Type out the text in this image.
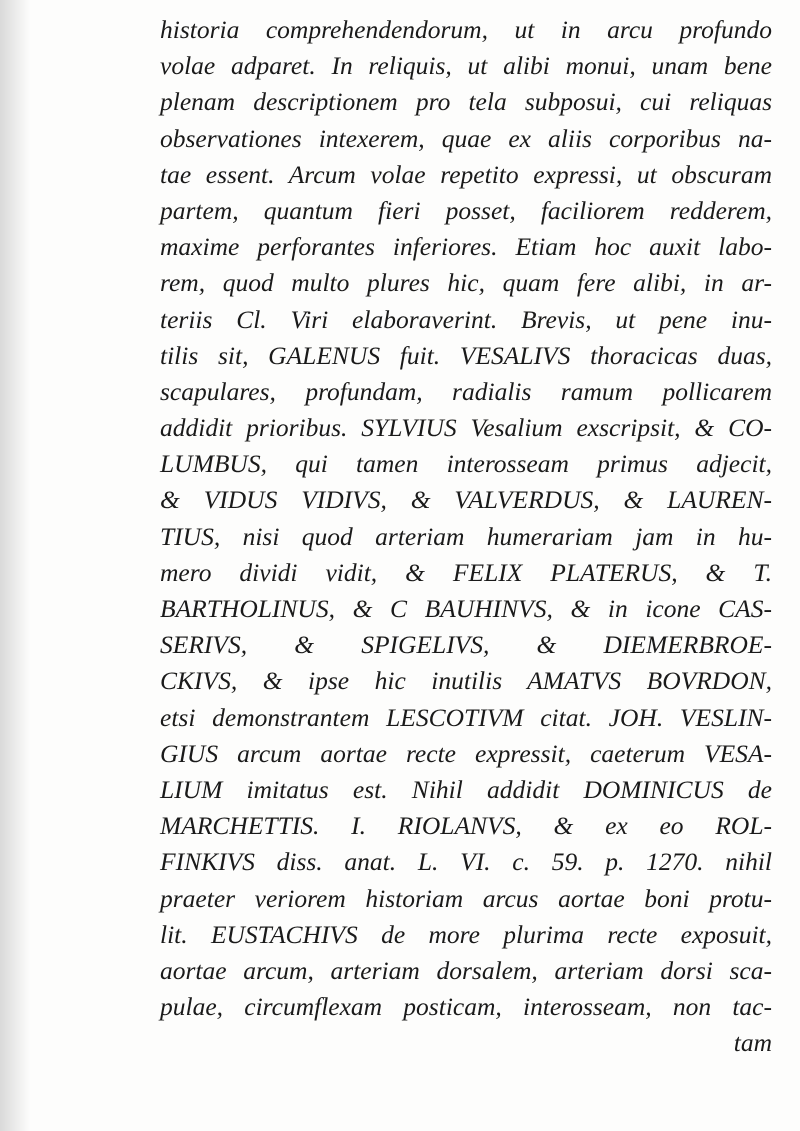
historia comprehendendorum, ut in arcu profundo
volae adparet. In reliquis, ut alibi monui, unam bene
plenam descriptionem pro tela subposui, cui reliquas
observationes intexerem, quae ex aliis corporibus na-
tae essent. Arcum volae repetito expressi, ut obscuram
partem, quantum fieri posset, faciliorem redderem,
maxime perforantes inferiores. Etiam hoc auxit labo-
rem, quod multo plures hic, quam fere alibi, in ar-
teriis Cl. Viri elaboraverint. Brevis, ut pene inu-
tilis sit, GALENUS fuit. VESALIVS thoracicas duas,
scapulares, profundam, radialis ramum pollicarem
addidit prioribus. SYLVIUS Vesalium exscripsit, & CO-
LUMBUS, qui tamen interosseam primus adjecit,
& VIDUS VIDIVS, & VALVERDUS, & LAUREN-
TIUS, nisi quod arteriam humerariam jam in hu-
mero dividi vidit, & FELIX PLATERUS, & T.
BARTHOLINUS, & C BAUHINVS, & in icone CAS-
SERIVS, & SPIGELIVS, & DIEMERBROE-
CKIVS, & ipse hic inutilis AMATVS BOVRDON,
etsi demonstrantem LESCOTIVM citat. JOH. VESLIN-
GIUS arcum aortae recte expressit, caeterum VESA-
LIUM imitatus est. Nihil addidit DOMINICUS de
MARCHETTIS. I. RIOLANVS, & ex eo ROL-
FINKIVS diss. anat. L. VI. c. 59. p. 1270. nihil
praeter veriorem historiam arcus aortae boni protu-
lit. EUSTACHIVS de more plurima recte exposuit,
aortae arcum, arteriam dorsalem, arteriam dorsi sca-
pulae, circumflexam posticam, interosseam, non tac-
tam
